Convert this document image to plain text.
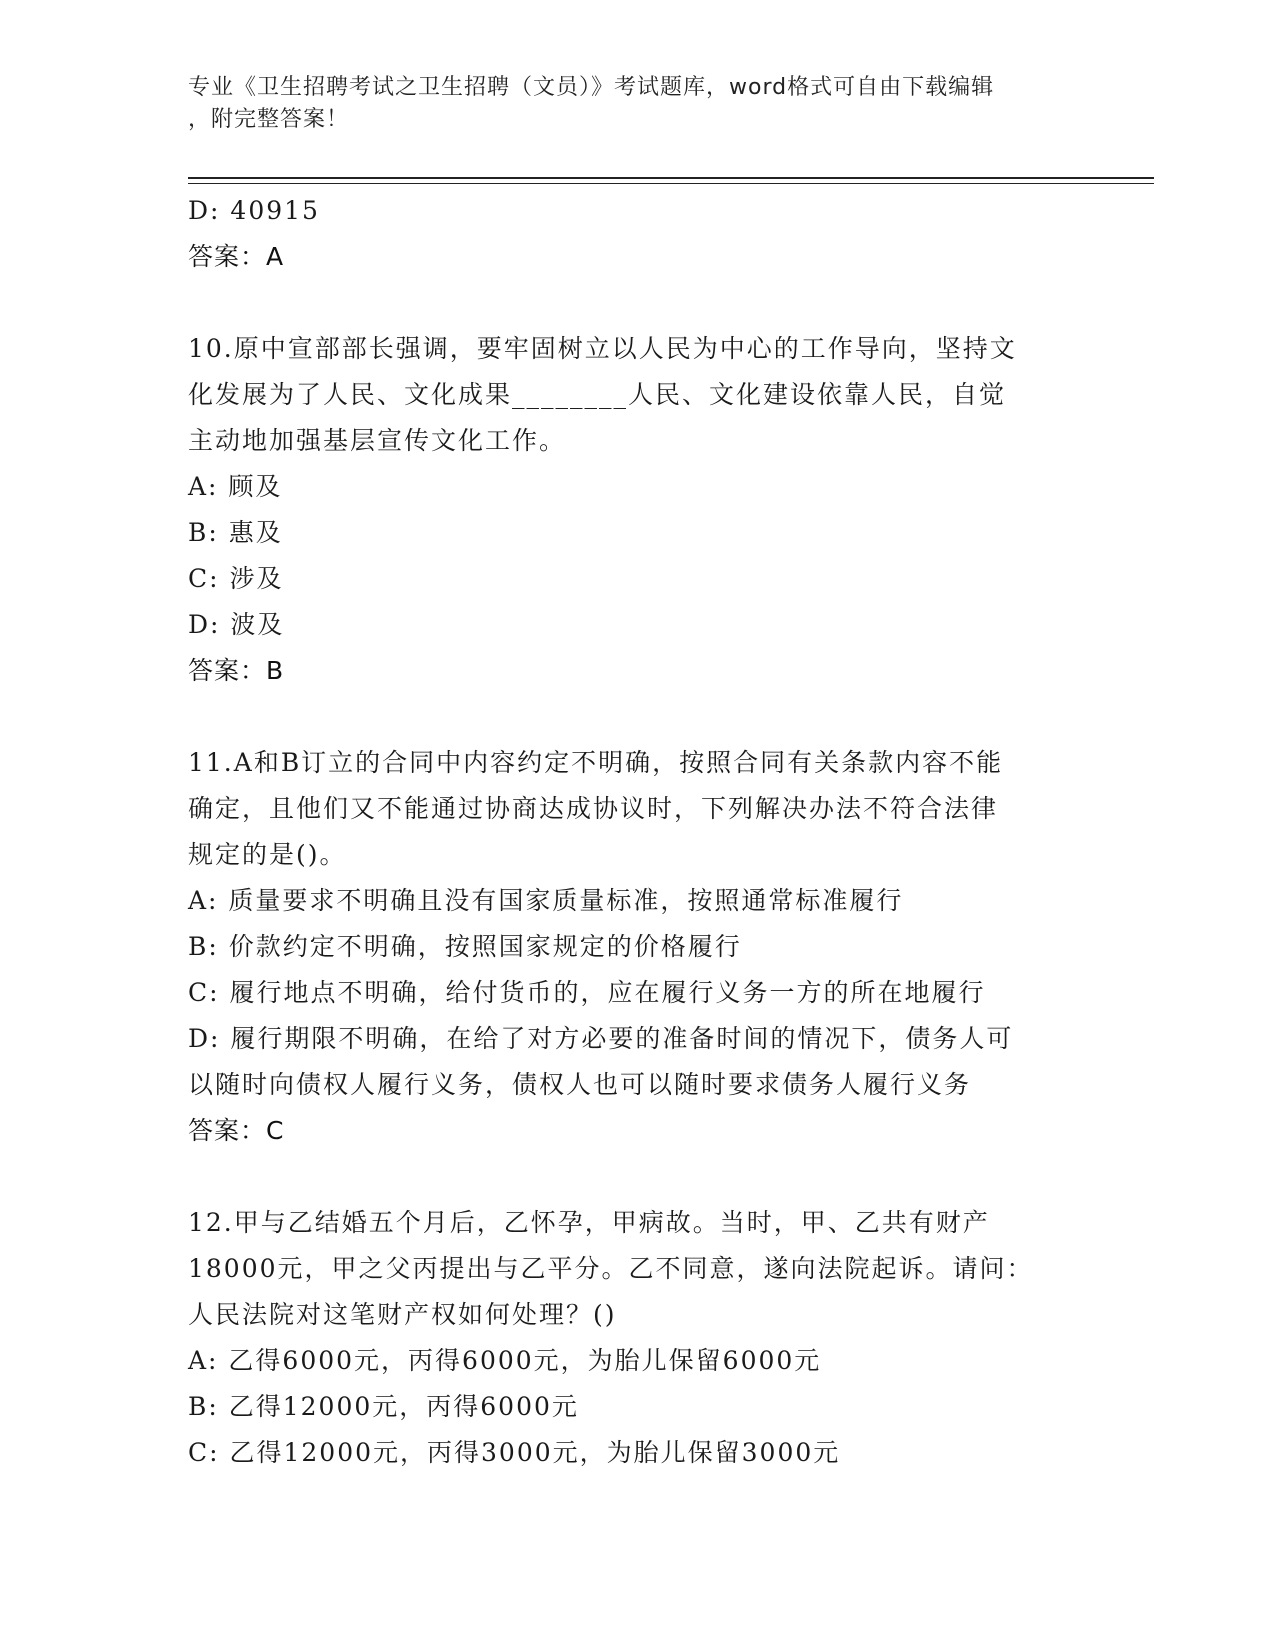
专业《卫生招聘考试之卫生招聘（文员）》考试题库，word格式可自由下载编辑
，附完整答案！
D: 40915
答案：A
10.原中宣部部长强调，要牢固树立以人民为中心的工作导向，坚持文
化发展为了人民、文化成果________人民、文化建设依靠人民，自觉
主动地加强基层宣传文化工作。
A: 顾及
B: 惠及
C: 涉及
D: 波及
答案：B
11.A和B订立的合同中内容约定不明确，按照合同有关条款内容不能
确定，且他们又不能通过协商达成协议时，下列解决办法不符合法律
规定的是()。
A: 质量要求不明确且没有国家质量标准，按照通常标准履行
B: 价款约定不明确，按照国家规定的价格履行
C: 履行地点不明确，给付货币的，应在履行义务一方的所在地履行
D: 履行期限不明确，在给了对方必要的准备时间的情况下，债务人可
以随时向债权人履行义务，债权人也可以随时要求债务人履行义务
答案：C
12.甲与乙结婚五个月后，乙怀孕，甲病故。当时，甲、乙共有财产
18000元，甲之父丙提出与乙平分。乙不同意，遂向法院起诉。请问：
人民法院对这笔财产权如何处理？()
A: 乙得6000元，丙得6000元，为胎儿保留6000元
B: 乙得12000元，丙得6000元
C: 乙得12000元，丙得3000元，为胎儿保留3000元
